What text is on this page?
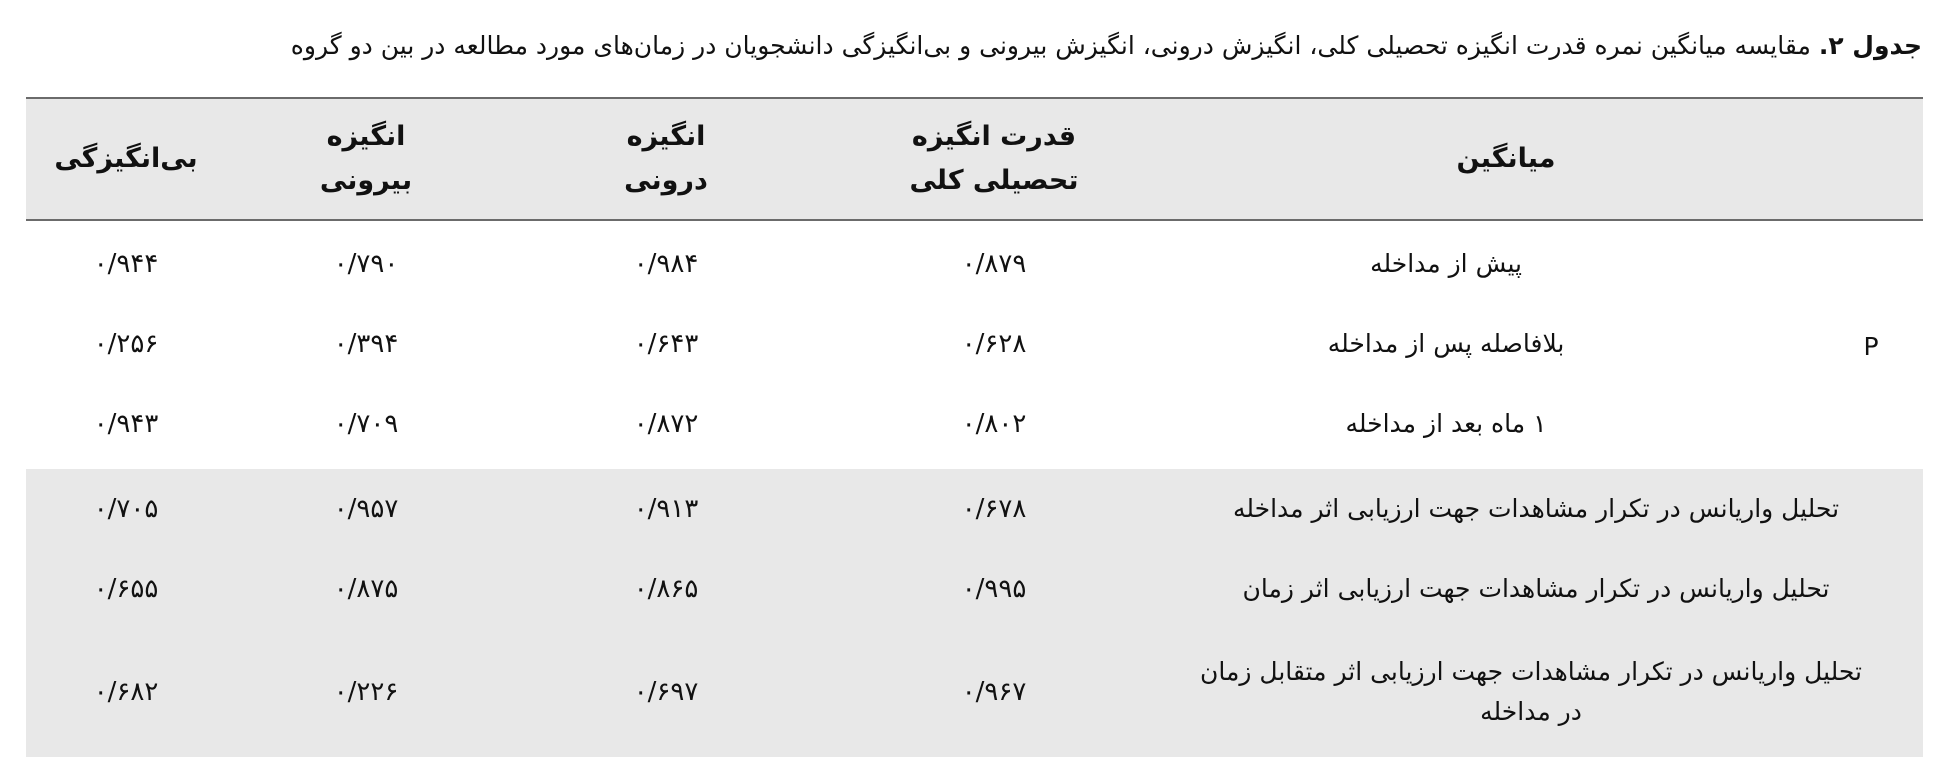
جدول ۲. مقایسه میانگین نمره قدرت انگیزه تحصیلی کلی، انگیزش درونی، انگیزش بیرونی و بی‌انگیزگی دانشجویان در زمان‌های مورد مطالعه در بین دو گروه
میانگین
قدرت انگیزه تحصیلی کلی
انگیزه درونی
انگیزه بیرونی
بی‌انگیزگی
P
پیش از مداخله
۰/۸۷۹
۰/۹۸۴
۰/۷۹۰
۰/۹۴۴
بلافاصله پس از مداخله
۰/۶۲۸
۰/۶۴۳
۰/۳۹۴
۰/۲۵۶
۱ ماه بعد از مداخله
۰/۸۰۲
۰/۸۷۲
۰/۷۰۹
۰/۹۴۳
تحلیل واریانس در تکرار مشاهدات جهت ارزیابی اثر مداخله
۰/۶۷۸
۰/۹۱۳
۰/۹۵۷
۰/۷۰۵
تحلیل واریانس در تکرار مشاهدات جهت ارزیابی اثر زمان
۰/۹۹۵
۰/۸۶۵
۰/۸۷۵
۰/۶۵۵
تحلیل واریانس در تکرار مشاهدات جهت ارزیابی اثر متقابل زمان در مداخله
۰/۹۶۷
۰/۶۹۷
۰/۲۲۶
۰/۶۸۲
